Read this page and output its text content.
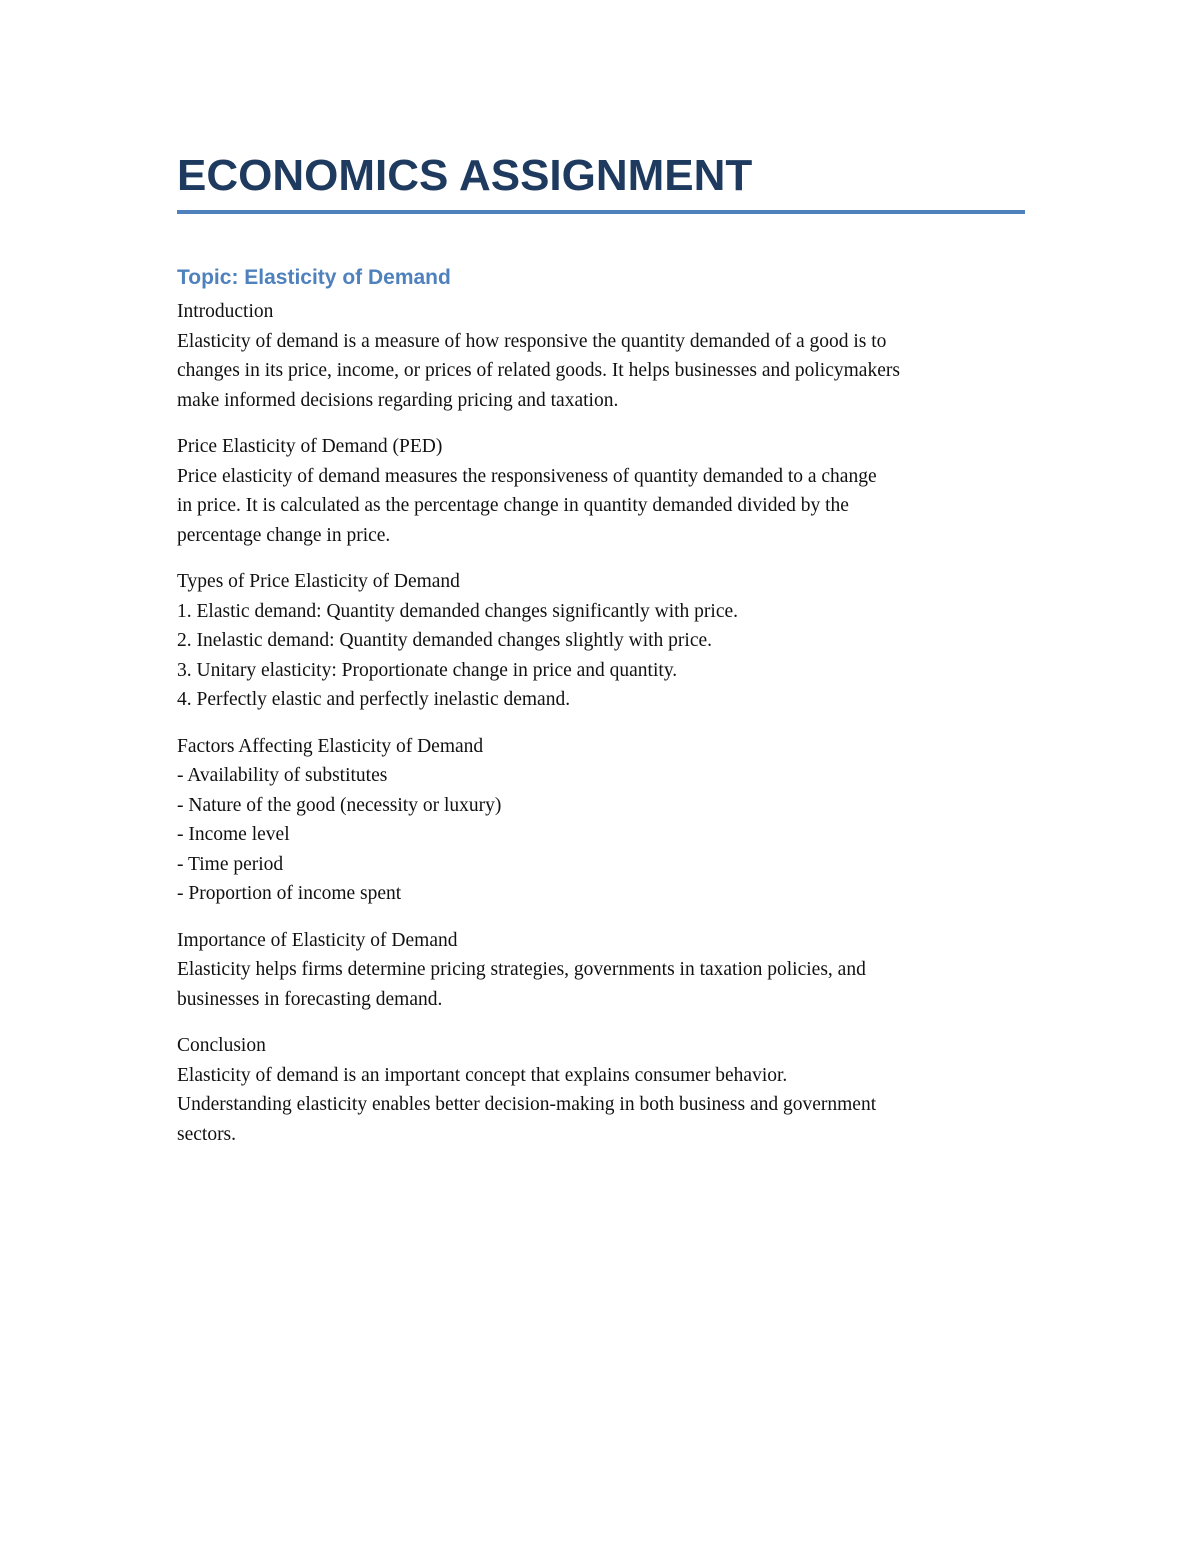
ECONOMICS ASSIGNMENT
Topic: Elasticity of Demand
Introduction
Elasticity of demand is a measure of how responsive the quantity demanded of a good is to
changes in its price, income, or prices of related goods. It helps businesses and policymakers
make informed decisions regarding pricing and taxation.
Price Elasticity of Demand (PED)
Price elasticity of demand measures the responsiveness of quantity demanded to a change
in price. It is calculated as the percentage change in quantity demanded divided by the
percentage change in price.
Types of Price Elasticity of Demand
1. Elastic demand: Quantity demanded changes significantly with price.
2. Inelastic demand: Quantity demanded changes slightly with price.
3. Unitary elasticity: Proportionate change in price and quantity.
4. Perfectly elastic and perfectly inelastic demand.
Factors Affecting Elasticity of Demand
- Availability of substitutes
- Nature of the good (necessity or luxury)
- Income level
- Time period
- Proportion of income spent
Importance of Elasticity of Demand
Elasticity helps firms determine pricing strategies, governments in taxation policies, and
businesses in forecasting demand.
Conclusion
Elasticity of demand is an important concept that explains consumer behavior.
Understanding elasticity enables better decision-making in both business and government
sectors.
